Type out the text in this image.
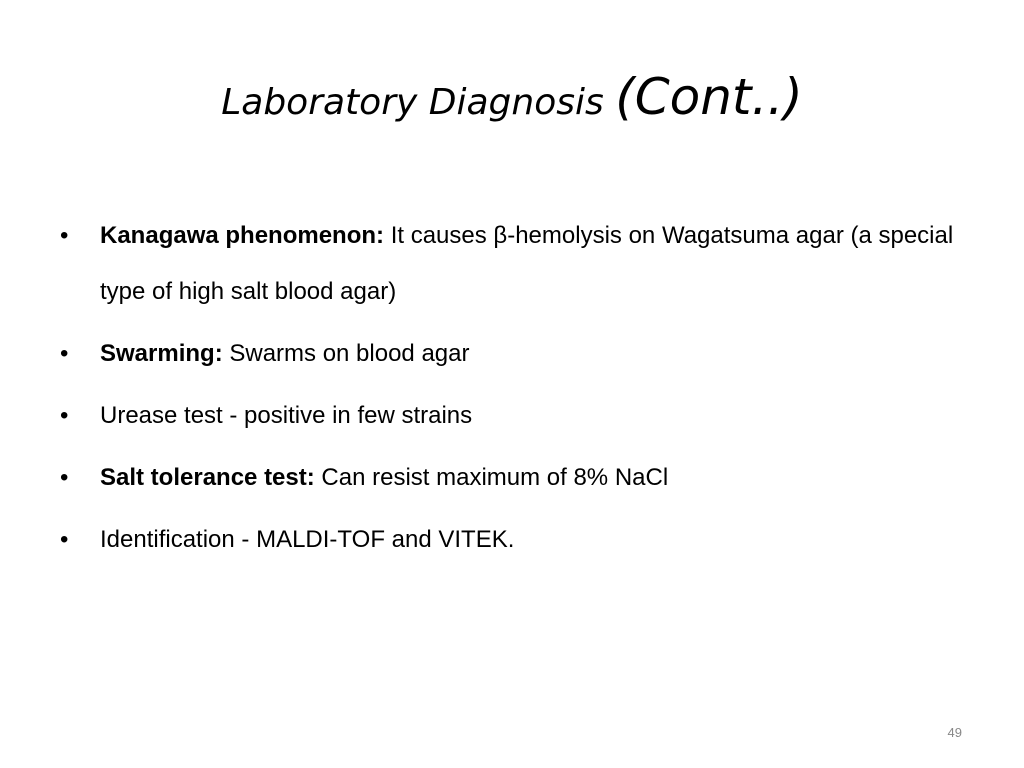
Laboratory Diagnosis (Cont..)
•	Kanagawa phenomenon: It causes β-hemolysis on Wagatsuma agar (a special type of high salt blood agar)
•	Swarming: Swarms on blood agar
•	Urease test - positive in few strains
•	Salt tolerance test: Can resist maximum of 8% NaCl
•	Identification - MALDI-TOF and VITEK.
49
